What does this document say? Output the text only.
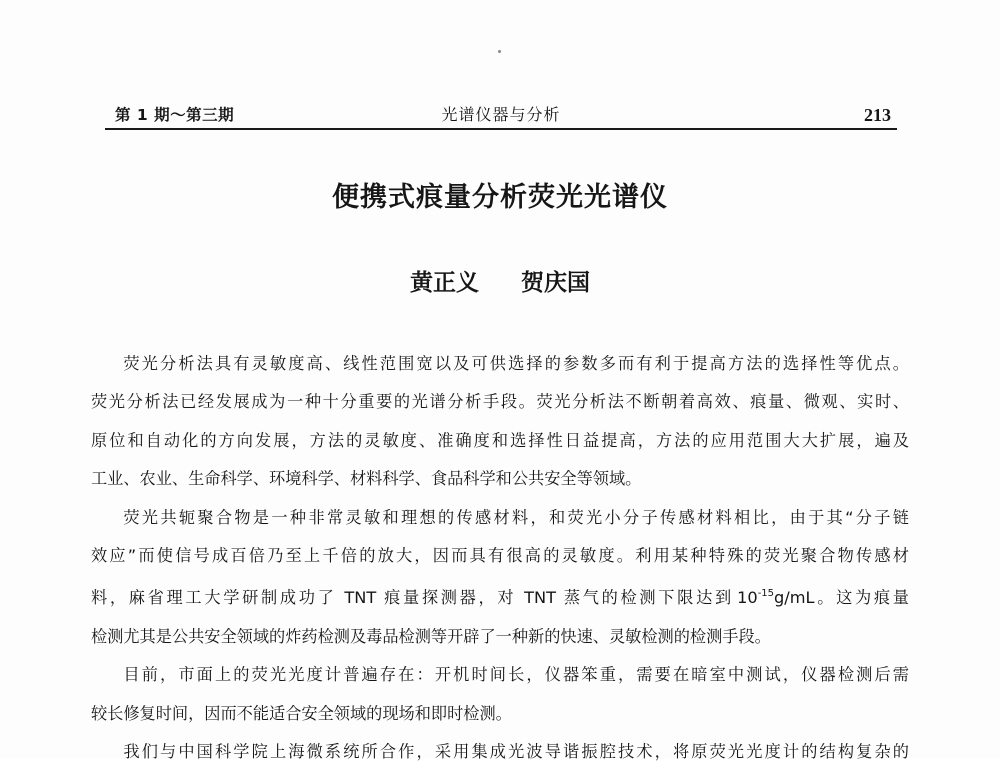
第 1 期～第三期	光谱仪器与分析	213
便携式痕量分析荧光光谱仪
黄正义 贺庆国

荧光分析法具有灵敏度高、线性范围宽以及可供选择的参数多而有利于提高方法的选择性等优点。
荧光分析法已经发展成为一种十分重要的光谱分析手段。荧光分析法不断朝着高效、痕量、微观、实时、
原位和自动化的方向发展，方法的灵敏度、准确度和选择性日益提高，方法的应用范围大大扩展，遍及
工业、农业、生命科学、环境科学、材料科学、食品科学和公共安全等领域。

荧光共轭聚合物是一种非常灵敏和理想的传感材料，和荧光小分子传感材料相比，由于其“分子链
效应”而使信号成百倍乃至上千倍的放大，因而具有很高的灵敏度。利用某种特殊的荧光聚合物传感材
料，麻省理工大学研制成功了 TNT 痕量探测器，对 TNT 蒸气的检测下限达到  $10^{-15}g/mL$。这为痕量
检测尤其是公共安全领域的炸药检测及毒品检测等开辟了一种新的快速、灵敏检测的检测手段。

目前，市面上的荧光光度计普遍存在：开机时间长，仪器笨重，需要在暗室中测试，仪器检测后需
较长修复时间，因而不能适合安全领域的现场和即时检测。

我们与中国科学院上海微系统所合作，采用集成光波导谐振腔技术，将原荧光光度计的结构复杂的
